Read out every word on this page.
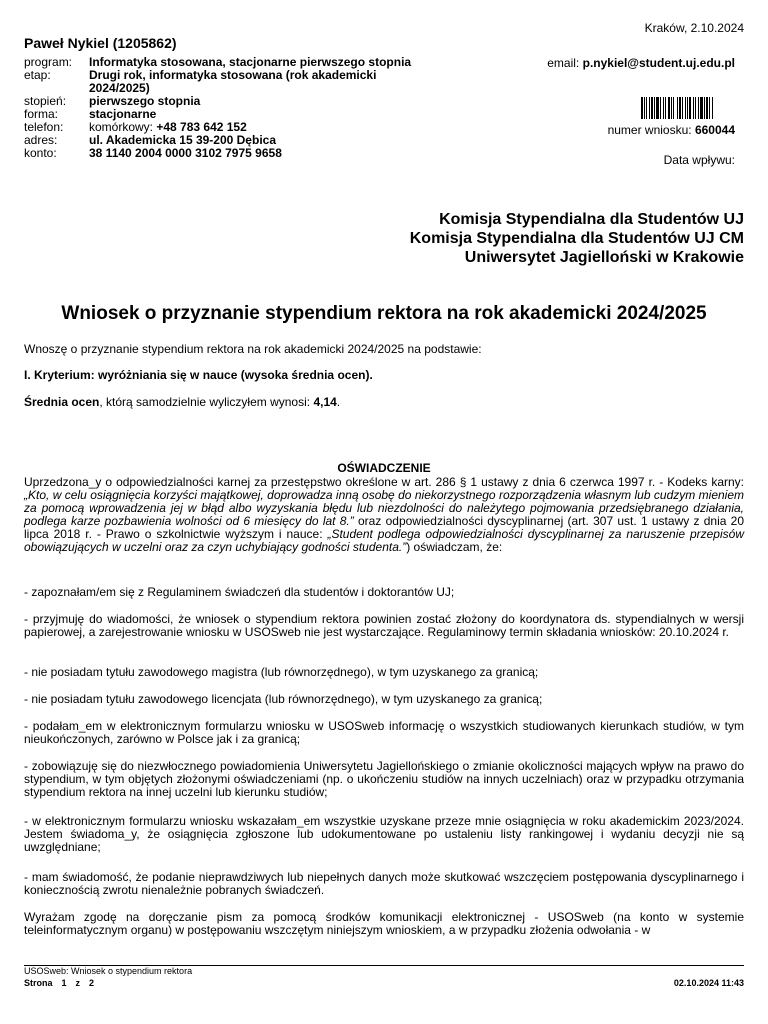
Kraków, 2.10.2024
Paweł Nykiel (1205862)
program:	Informatyka stosowana, stacjonarne pierwszego stopnia
etap:	Drugi rok, informatyka stosowana (rok akademicki 2024/2025)
stopień:	pierwszego stopnia
forma:	stacjonarne
telefon:	komórkowy: +48 783 642 152
adres:	ul. Akademicka 15 39-200 Dębica
konto:	38 1140 2004 0000 3102 7975 9658
email: p.nykiel@student.uj.edu.pl
numer wniosku: 660044
Data wpływu:
Komisja Stypendialna dla Studentów UJ
Komisja Stypendialna dla Studentów UJ CM
Uniwersytet Jagielloński w Krakowie
Wniosek o przyznanie stypendium rektora na rok akademicki 2024/2025
Wnoszę o przyznanie stypendium rektora na rok akademicki 2024/2025 na podstawie:
I. Kryterium: wyróżniania się w nauce (wysoka średnia ocen).
Średnia ocen, którą samodzielnie wyliczyłem wynosi: 4,14.
OŚWIADCZENIE
Uprzedzona_y o odpowiedzialności karnej za przestępstwo określone w art. 286 § 1 ustawy z dnia 6 czerwca 1997 r. - Kodeks karny: „Kto, w celu osiągnięcia korzyści majątkowej, doprowadza inną osobę do niekorzystnego rozporządzenia własnym lub cudzym mieniem za pomocą wprowadzenia jej w błąd albo wyzyskania błędu lub niezdolności do należytego pojmowania przedsiębranego działania, podlega karze pozbawienia wolności od 6 miesięcy do lat 8.” oraz odpowiedzialności dyscyplinarnej (art. 307 ust. 1 ustawy z dnia 20 lipca 2018 r. - Prawo o szkolnictwie wyższym i nauce: „Student podlega odpowiedzialności dyscyplinarnej za naruszenie przepisów obowiązujących w uczelni oraz za czyn uchybiający godności studenta.”) oświadczam, że:
- zapoznałam/em się z Regulaminem świadczeń dla studentów i doktorantów UJ;
- przyjmuję do wiadomości, że wniosek o stypendium rektora powinien zostać złożony do koordynatora ds. stypendialnych w wersji papierowej, a zarejestrowanie wniosku w USOSweb nie jest wystarczające. Regulaminowy termin składania wniosków: 20.10.2024 r.
- nie posiadam tytułu zawodowego magistra (lub równorzędnego), w tym uzyskanego za granicą;
- nie posiadam tytułu zawodowego licencjata (lub równorzędnego), w tym uzyskanego za granicą;
- podałam_em w elektronicznym formularzu wniosku w USOSweb informację o wszystkich studiowanych kierunkach studiów, w tym nieukończonych, zarówno w Polsce jak i za granicą;
- zobowiązuję się do niezwłocznego powiadomienia Uniwersytetu Jagiellońskiego o zmianie okoliczności mających wpływ na prawo do stypendium, w tym objętych złożonymi oświadczeniami (np. o ukończeniu studiów na innych uczelniach) oraz w przypadku otrzymania stypendium rektora na innej uczelni lub kierunku studiów;
- w elektronicznym formularzu wniosku wskazałam_em wszystkie uzyskane przeze mnie osiągnięcia w roku akademickim 2023/2024. Jestem świadoma_y, że osiągnięcia zgłoszone lub udokumentowane po ustaleniu listy rankingowej i wydaniu decyzji nie są uwzględniane;
- mam świadomość, że podanie nieprawdziwych lub niepełnych danych może skutkować wszczęciem postępowania dyscyplinarnego i koniecznością zwrotu nienależnie pobranych świadczeń.
Wyrażam zgodę na doręczanie pism za pomocą środków komunikacji elektronicznej - USOSweb (na konto w systemie teleinformatycznym organu) w postępowaniu wszczętym niniejszym wnioskiem, a w przypadku złożenia odwołania - w
USOSweb: Wniosek o stypendium rektora
Strona 1 z 2	02.10.2024 11:43
